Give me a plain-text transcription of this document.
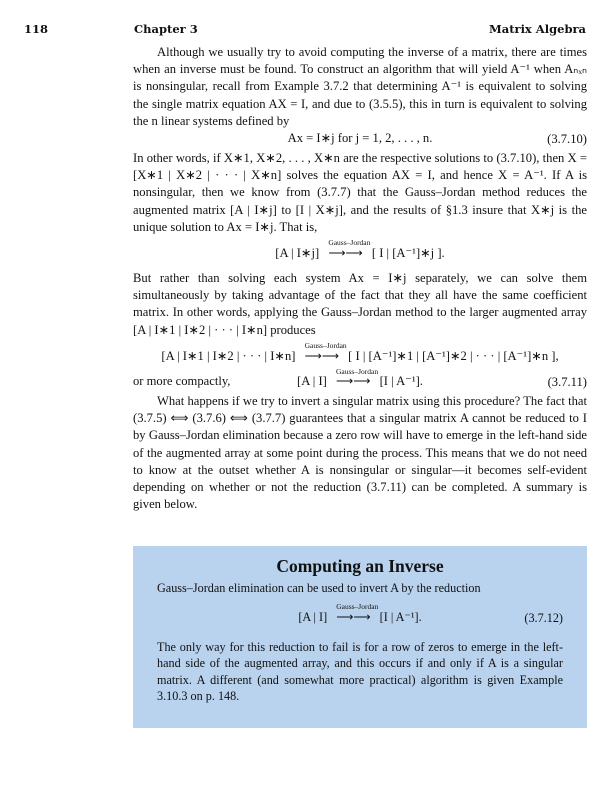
118	Chapter 3	Matrix Algebra

Although we usually try to avoid computing the inverse of a matrix, there are times when an inverse must be found. To construct an algorithm that will yield A⁻¹ when Aₙₓₙ is nonsingular, recall from Example 3.7.2 that determining A⁻¹ is equivalent to solving the single matrix equation AX = I, and due to (3.5.5), this in turn is equivalent to solving the n linear systems defined by

Ax = I∗j for j = 1, 2, . . . , n.	(3.7.10)

In other words, if X∗1, X∗2, . . . , X∗n are the respective solutions to (3.7.10), then X = [X∗1 | X∗2 | · · · | X∗n] solves the equation AX = I, and hence X = A⁻¹. If A is nonsingular, then we know from (3.7.7) that the Gauss–Jordan method reduces the augmented matrix [A | I∗j] to [I | X∗j], and the results of §1.3 insure that X∗j is the unique solution to Ax = I∗j. That is,

[A | I∗j]
Gauss–Jordan
⟶⟶ [ I | [A⁻¹]∗j ].

But rather than solving each system Ax = I∗j separately, we can solve them simultaneously by taking advantage of the fact that they all have the same coefficient matrix. In other words, applying the Gauss–Jordan method to the larger augmented array [A | I∗1 | I∗2 | · · · | I∗n] produces

[A | I∗1 | I∗2 | · · · | I∗n]
Gauss–Jordan
⟶⟶ [ I | [A⁻¹]∗1 | [A⁻¹]∗2 | · · · | [A⁻¹]∗n ],

or more compactly,	[A | I]
Gauss–Jordan
⟶⟶ [I | A⁻¹].	(3.7.11)

What happens if we try to invert a singular matrix using this procedure? The fact that (3.7.5) ⟺ (3.7.6) ⟺ (3.7.7) guarantees that a singular matrix A cannot be reduced to I by Gauss–Jordan elimination because a zero row will have to emerge in the left-hand side of the augmented array at some point during the process. This means that we do not need to know at the outset whether A is nonsingular or singular—it becomes self-evident depending on whether or not the reduction (3.7.11) can be completed. A summary is given below.

Computing an Inverse

Gauss–Jordan elimination can be used to invert A by the reduction

[A | I]
Gauss–Jordan
⟶⟶ [I | A⁻¹].	(3.7.12)

The only way for this reduction to fail is for a row of zeros to emerge in the left-hand side of the augmented array, and this occurs if and only if A is a singular matrix. A different (and somewhat more practical) algorithm is given Example 3.10.3 on p. 148.
